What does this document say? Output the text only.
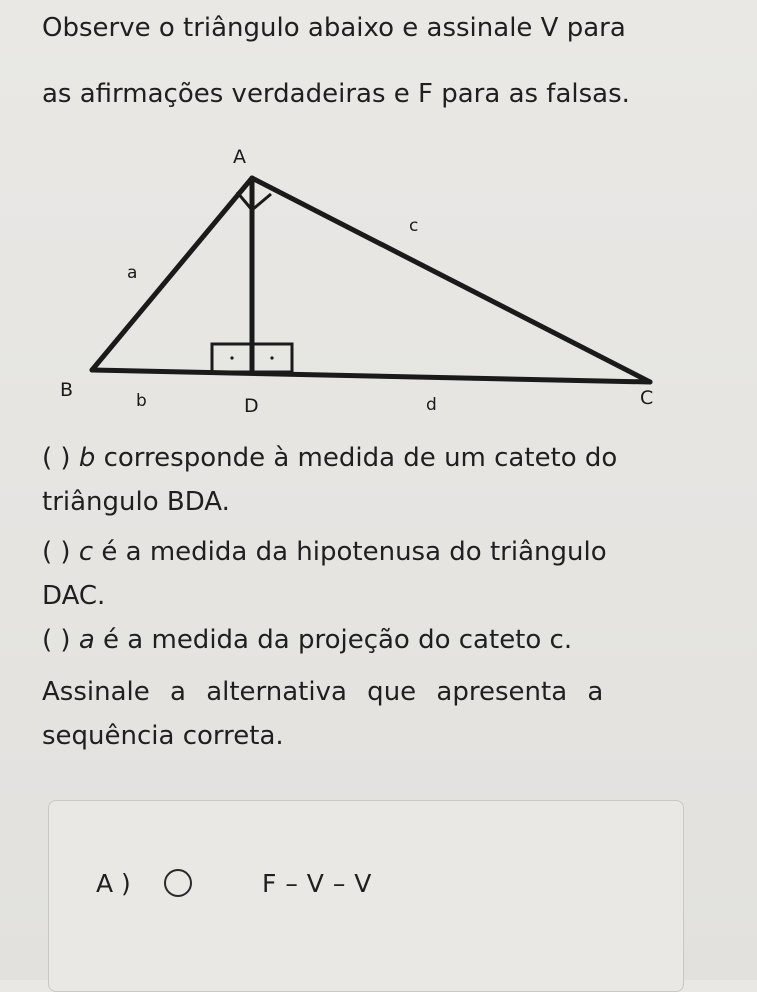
Observe o triângulo abaixo e assinale V para

as afirmações verdadeiras e F para as falsas.

A
B	C
D
a
b
c
d

( ) b corresponde à medida de um cateto do

triângulo BDA.

( ) c é a medida da hipotenusa do triângulo

DAC.

( ) a é a medida da projeção do cateto c.

Assinale a alternativa que apresenta a

sequência correta.

A )	F – V – V
